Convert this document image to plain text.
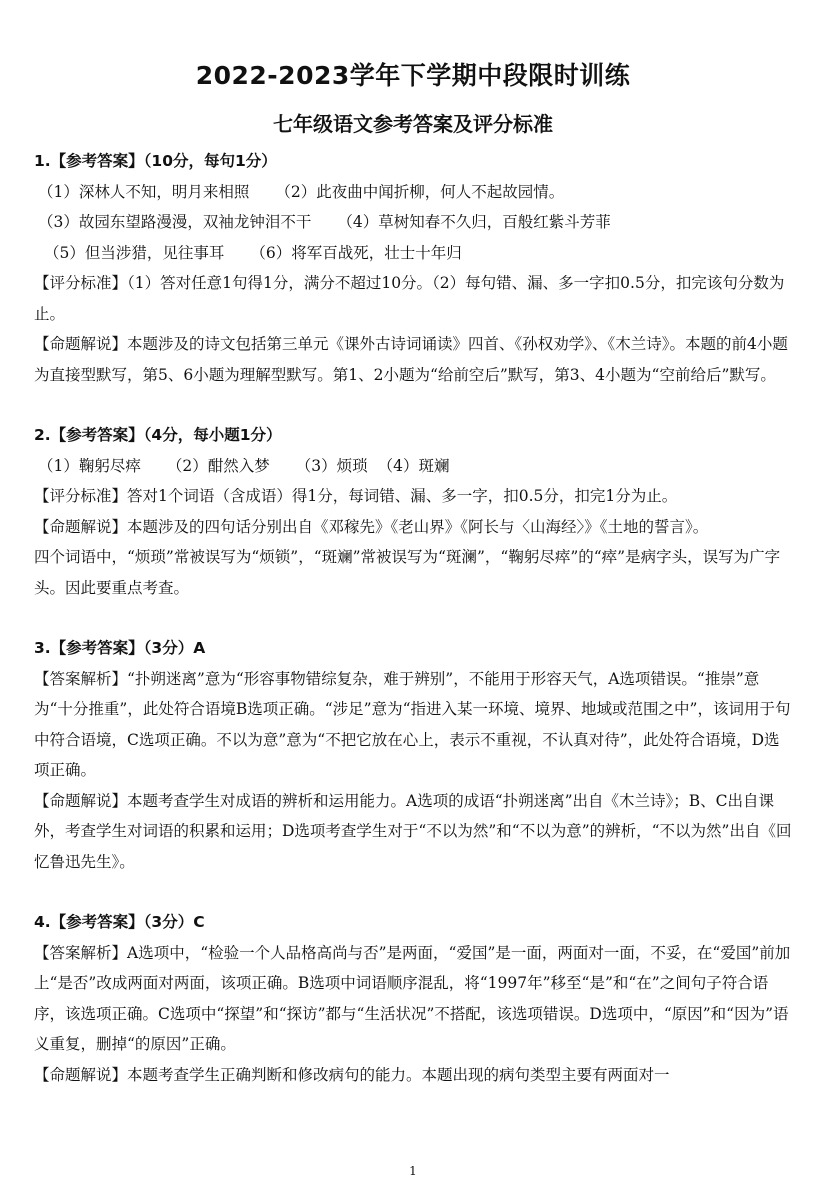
2022-2023学年下学期中段限时训练
七年级语文参考答案及评分标准

1.【参考答案】（10分，每句1分）

（1）深林人不知，明月来相照 （2）此夜曲中闻折柳，何人不起故园情。

（3）故园东望路漫漫，双袖龙钟泪不干 （4）草树知春不久归，百般红紫斗芳菲

（5）但当涉猎，见往事耳 （6）将军百战死，壮士十年归

【评分标准】（1）答对任意1句得1分，满分不超过10分。（2）每句错、漏、多一字扣0.5分，扣完该句分数为止。

【命题解说】本题涉及的诗文包括第三单元《课外古诗词诵读》四首、《孙权劝学》、《木兰诗》。本题的前4小题为直接型默写，第5、6小题为理解型默写。第1、2小题为“给前空后”默写，第3、4小题为“空前给后”默写。

2.【参考答案】（4分，每小题1分）

（1）鞠躬尽瘁 （2）酣然入梦 （3）烦琐 （4）斑斓

【评分标准】答对1个词语（含成语）得1分，每词错、漏、多一字，扣0.5分，扣完1分为止。

【命题解说】本题涉及的四句话分别出自《邓稼先》《老山界》《阿长与〈山海经〉》《土地的誓言》。

四个词语中，“烦琐”常被误写为“烦锁”，“斑斓”常被误写为“斑澜”，“鞠躬尽瘁”的“瘁”是病字头，误写为广字头。因此要重点考查。

3.【参考答案】（3分）A

【答案解析】“扑朔迷离”意为“形容事物错综复杂，难于辨别”，不能用于形容天气，A选项错误。“推崇”意为“十分推重”，此处符合语境B选项正确。“涉足”意为“指进入某一环境、境界、地域或范围之中”，该词用于句中符合语境，C选项正确。不以为意”意为“不把它放在心上，表示不重视，不认真对待”，此处符合语境，D选项正确。

【命题解说】本题考查学生对成语的辨析和运用能力。A选项的成语“扑朔迷离”出自《木兰诗》；B、C出自课外，考查学生对词语的积累和运用；D选项考查学生对于“不以为然”和“不以为意”的辨析，“不以为然”出自《回忆鲁迅先生》。

4.【参考答案】（3分）C

【答案解析】A选项中，“检验一个人品格高尚与否”是两面，“爱国”是一面，两面对一面，不妥，在“爱国”前加上“是否”改成两面对两面，该项正确。B选项中词语顺序混乱，将“1997年”移至“是”和“在”之间句子符合语序，该选项正确。C选项中“探望”和“探访”都与“生活状况”不搭配，该选项错误。D选项中，“原因”和“因为”语义重复，删掉“的原因”正确。

【命题解说】本题考查学生正确判断和修改病句的能力。本题出现的病句类型主要有两面对一

1
